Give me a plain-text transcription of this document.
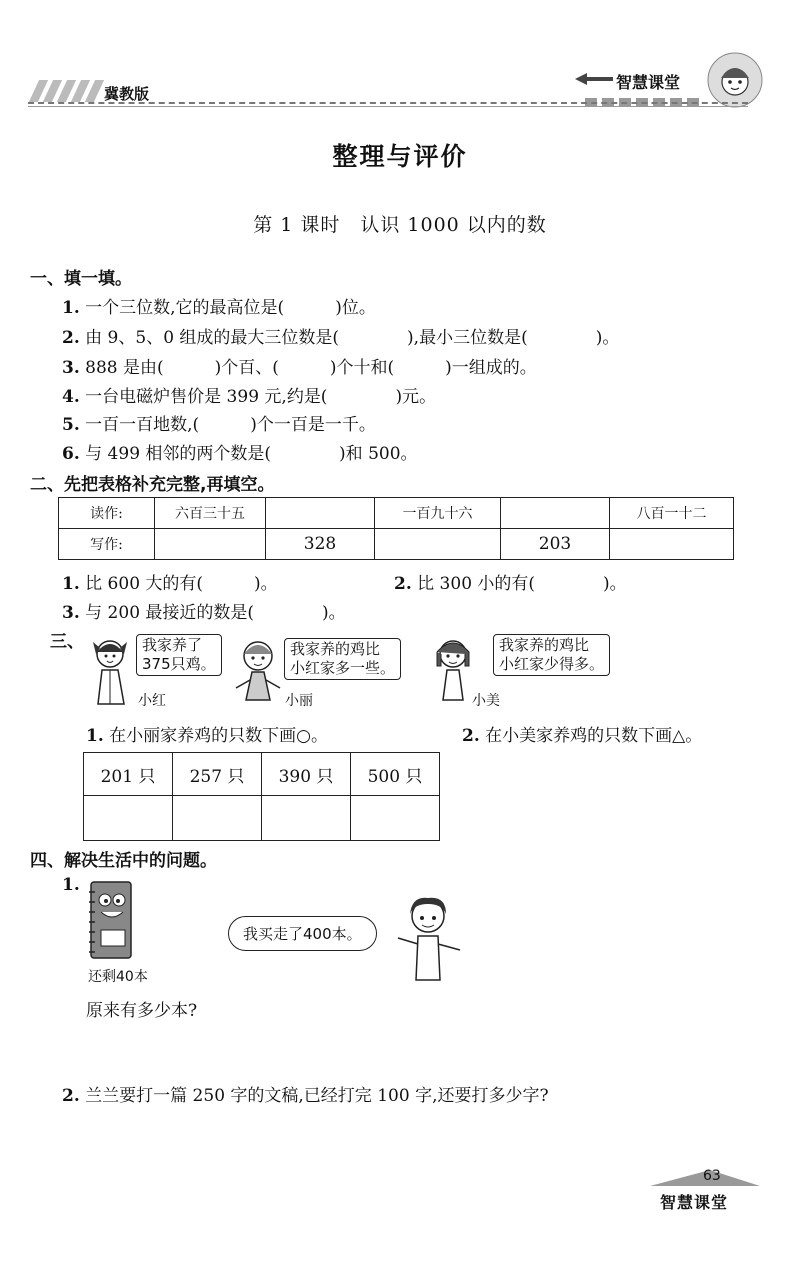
冀教版
智慧课堂
整理与评价
第 1 课时　认识 1000 以内的数
一、填一填。
1. 一个三位数,它的最高位是(　　　)位。
2. 由 9、5、0 组成的最大三位数是(　　　　),最小三位数是(　　　　)。
3. 888 是由(　　　)个百、(　　　)个十和(　　　)一组成的。
4. 一台电磁炉售价是 399 元,约是(　　　　)元。
5. 一百一百地数,(　　　)个一百是一千。
6. 与 499 相邻的两个数是(　　　　)和 500。
二、先把表格补充完整,再填空。
读作:	六百三十五		一百九十六		八百一十二
写作:		328		203	
1. 比 600 大的有(　　　)。	2. 比 300 小的有(　　　　)。
3. 与 200 最接近的数是(　　　　)。
三、	我家养了
375只鸡。
小红
我家养的鸡比
小红家多一些。
小丽
我家养的鸡比
小红家少得多。
小美
1. 在小丽家养鸡的只数下画○。	2. 在小美家养鸡的只数下画△。
201 只	257 只	390 只	500 只

四、解决生活中的问题。
1.
还剩40本
我买走了400本。
原来有多少本?
2. 兰兰要打一篇 250 字的文稿,已经打完 100 字,还要打多少字?
63
智慧课堂
